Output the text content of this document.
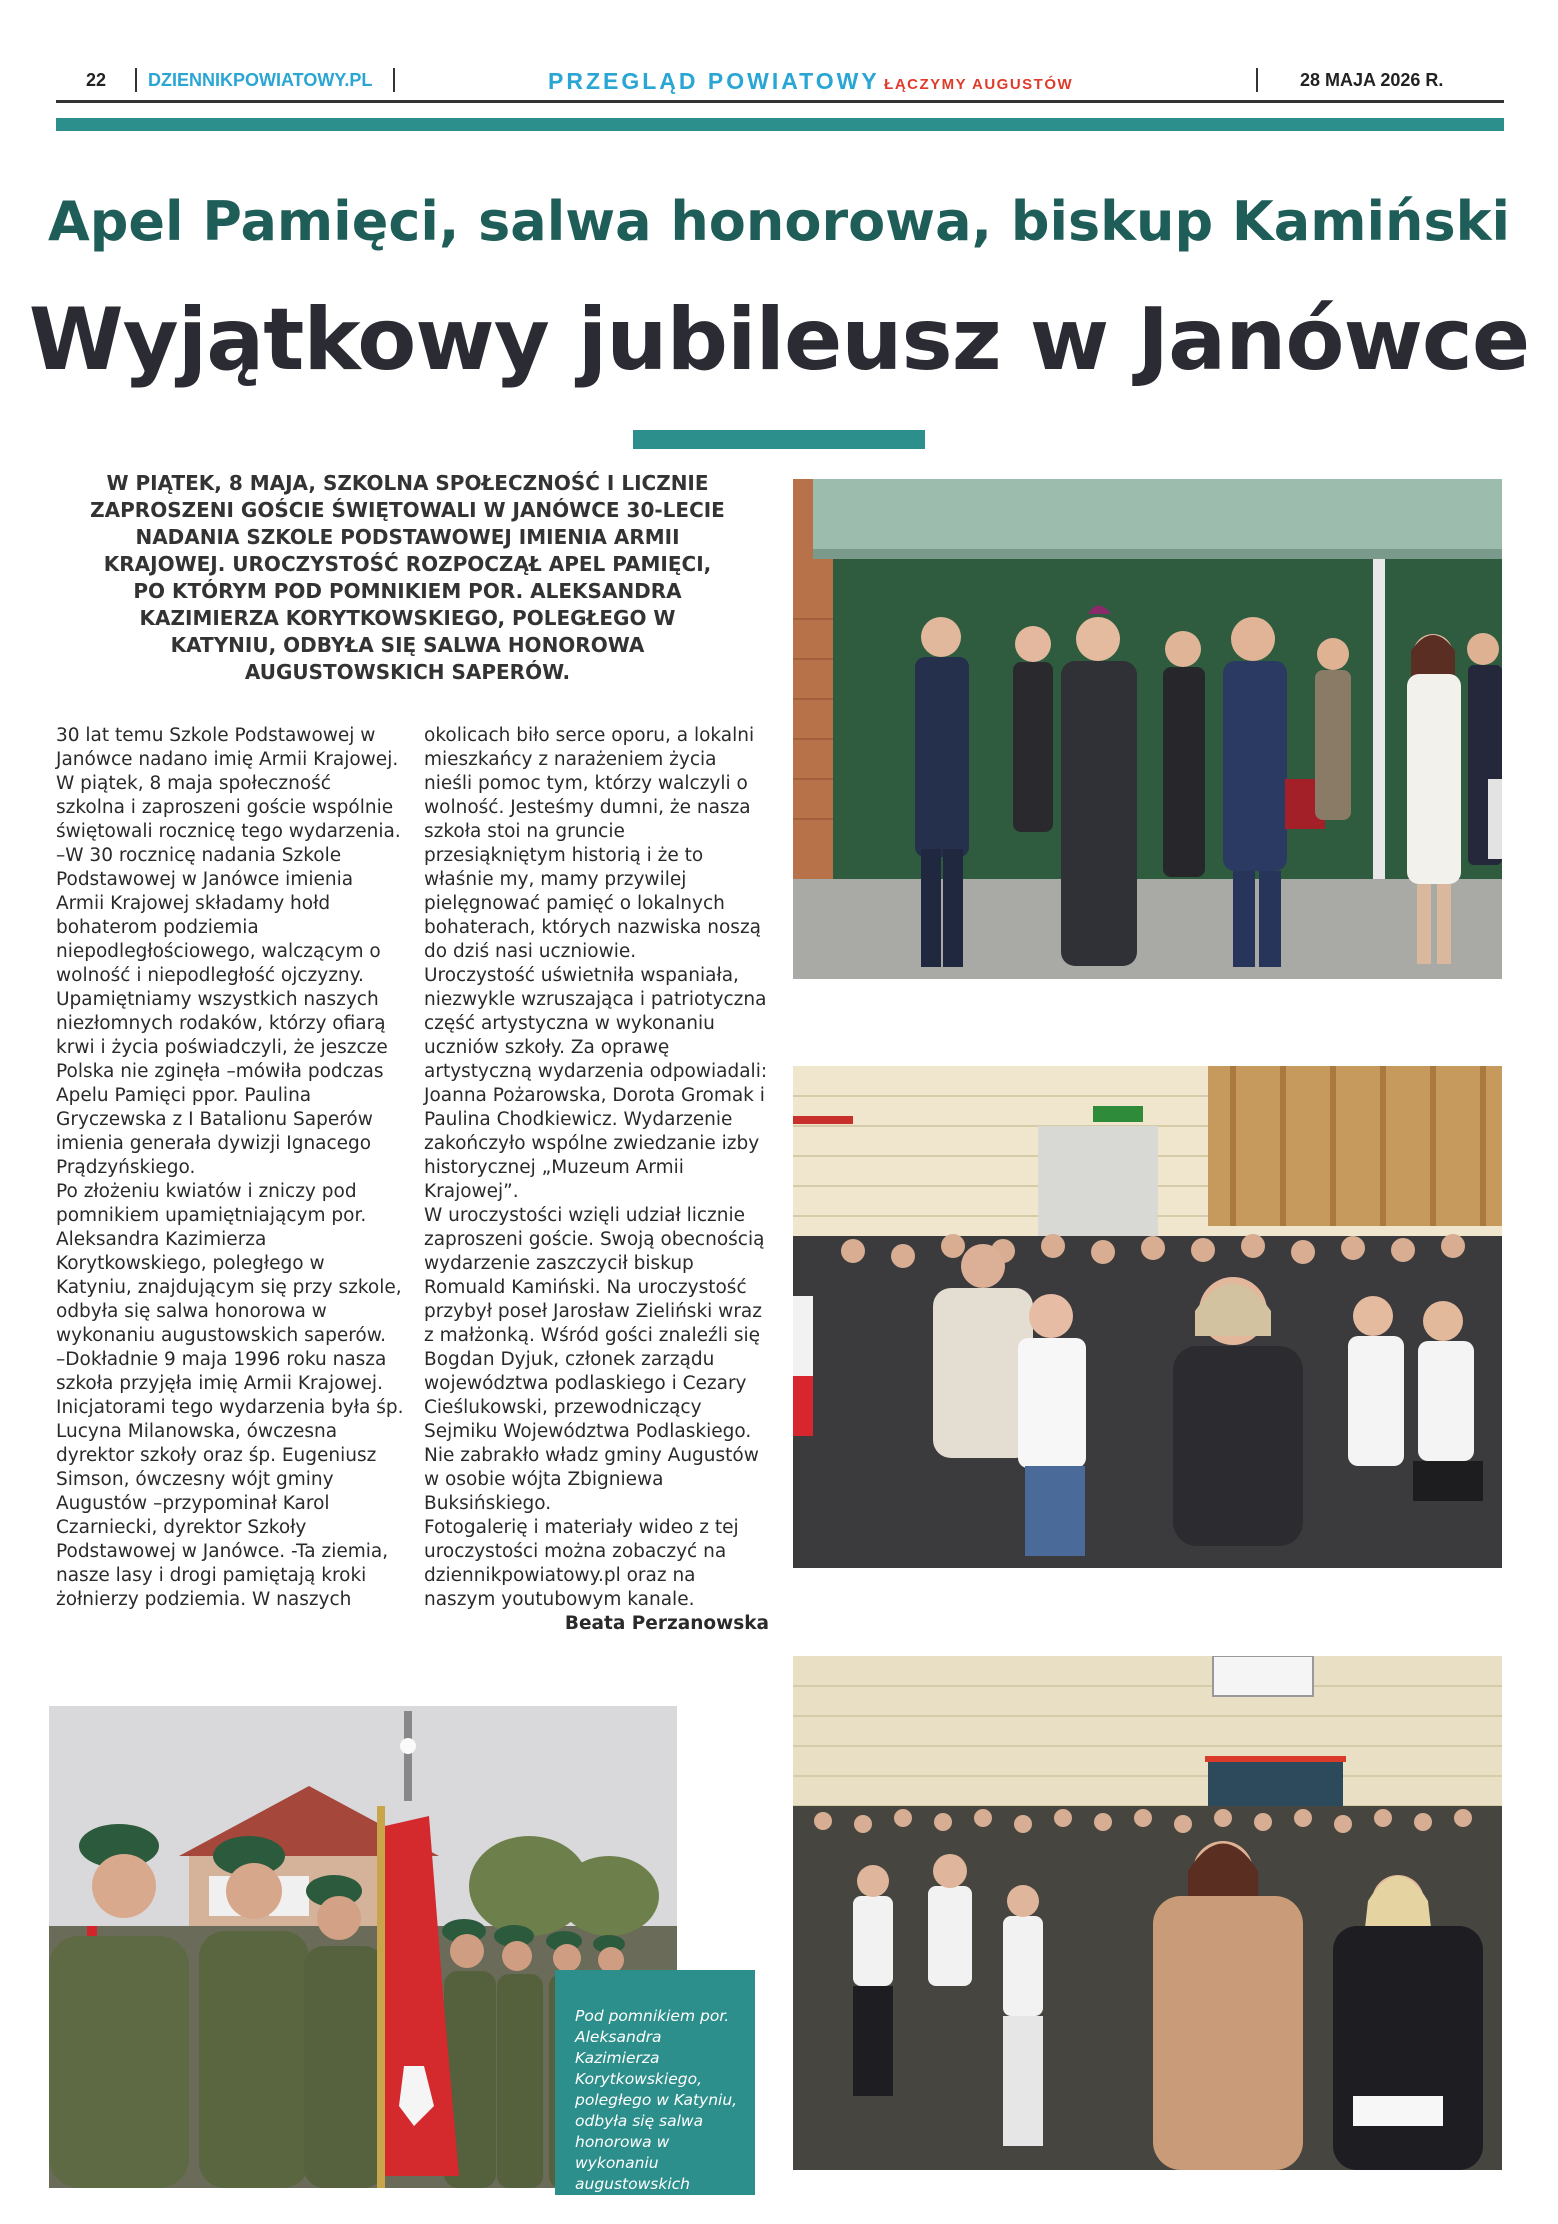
22 DZIENNIKPOWIATOWY.PL	PRZEGLĄD POWIATOWY ŁĄCZYMY AUGUSTÓW	28 MAJA 2026 R.
Apel Pamięci, salwa honorowa, biskup Kamiński
Wyjątkowy jubileusz w Janówce
W PIĄTEK, 8 MAJA, SZKOLNA SPOŁECZNOŚĆ I LICZNIE ZAPROSZENI GOŚCIE ŚWIĘTOWALI W JANÓWCE 30-LECIE NADANIA SZKOLE PODSTAWOWEJ IMIENIA ARMII KRAJOWEJ. UROCZYSTOŚĆ ROZPOCZĄŁ APEL PAMIĘCI, PO KTÓRYM POD POMNIKIEM POR. ALEKSANDRA KAZIMIERZA KORYTKOWSKIEGO, POLEGŁEGO W KATYNIU, ODBYŁA SIĘ SALWA HONOROWA AUGUSTOWSKICH SAPERÓW.

30 lat temu Szkole Podstawowej w Janówce nadano imię Armii Krajowej. W piątek, 8 maja społeczność szkolna i zaproszeni goście wspólnie świętowali rocznicę tego wydarzenia.

–W 30 rocznicę nadania Szkole Podstawowej w Janówce imienia Armii Krajowej składamy hołd bohaterom podziemia niepodległościowego, walczącym o wolność i niepodległość ojczyzny. Upamiętniamy wszystkich naszych niezłomnych rodaków, którzy ofiarą krwi i życia poświadczyli, że jeszcze Polska nie zginęła –mówiła podczas Apelu Pamięci ppor. Paulina Gryczewska z I Batalionu Saperów imienia generała dywizji Ignacego Prądzyńskiego.

Po złożeniu kwiatów i zniczy pod pomnikiem upamiętniającym por. Aleksandra Kazimierza Korytkowskiego, poległego w Katyniu, znajdującym się przy szkole, odbyła się salwa honorowa w wykonaniu augustowskich saperów.

–Dokładnie 9 maja 1996 roku nasza szkoła przyjęła imię Armii Krajowej. Inicjatorami tego wydarzenia była śp. Lucyna Milanowska, ówczesna dyrektor szkoły oraz śp. Eugeniusz Simson, ówczesny wójt gminy Augustów –przypominał Karol Czarniecki, dyrektor Szkoły Podstawowej w Janówce. -Ta ziemia, nasze lasy i drogi pamiętają kroki żołnierzy podziemia. W naszych

okolicach biło serce oporu, a lokalni mieszkańcy z narażeniem życia nieśli pomoc tym, którzy walczyli o wolność. Jesteśmy dumni, że nasza szkoła stoi na gruncie przesiąkniętym historią i że to właśnie my, mamy przywilej pielęgnować pamięć o lokalnych bohaterach, których nazwiska noszą do dziś nasi uczniowie.

Uroczystość uświetniła wspaniała, niezwykle wzruszająca i patriotyczna część artystyczna w wykonaniu uczniów szkoły. Za oprawę artystyczną wydarzenia odpowiadali: Joanna Pożarowska, Dorota Gromak i Paulina Chodkiewicz. Wydarzenie zakończyło wspólne zwiedzanie izby historycznej „Muzeum Armii Krajowej”.

W uroczystości wzięli udział licznie zaproszeni goście. Swoją obecnością wydarzenie zaszczycił biskup Romuald Kamiński. Na uroczystość przybył poseł Jarosław Zieliński wraz z małżonką. Wśród gości znaleźli się Bogdan Dyjuk, członek zarządu województwa podlaskiego i Cezary Cieślukowski, przewodniczący Sejmiku Województwa Podlaskiego. Nie zabrakło władz gminy Augustów w osobie wójta Zbigniewa Buksińskiego.

Fotogalerię i materiały wideo z tej uroczystości można zobaczyć na dziennikpowiatowy.pl oraz na naszym youtubowym kanale.

Beata Perzanowska

Pod pomnikiem por. Aleksandra Kazimierza Korytkowskiego, poległego w Katyniu, odbyła się salwa honorowa w wykonaniu augustowskich saperów.
